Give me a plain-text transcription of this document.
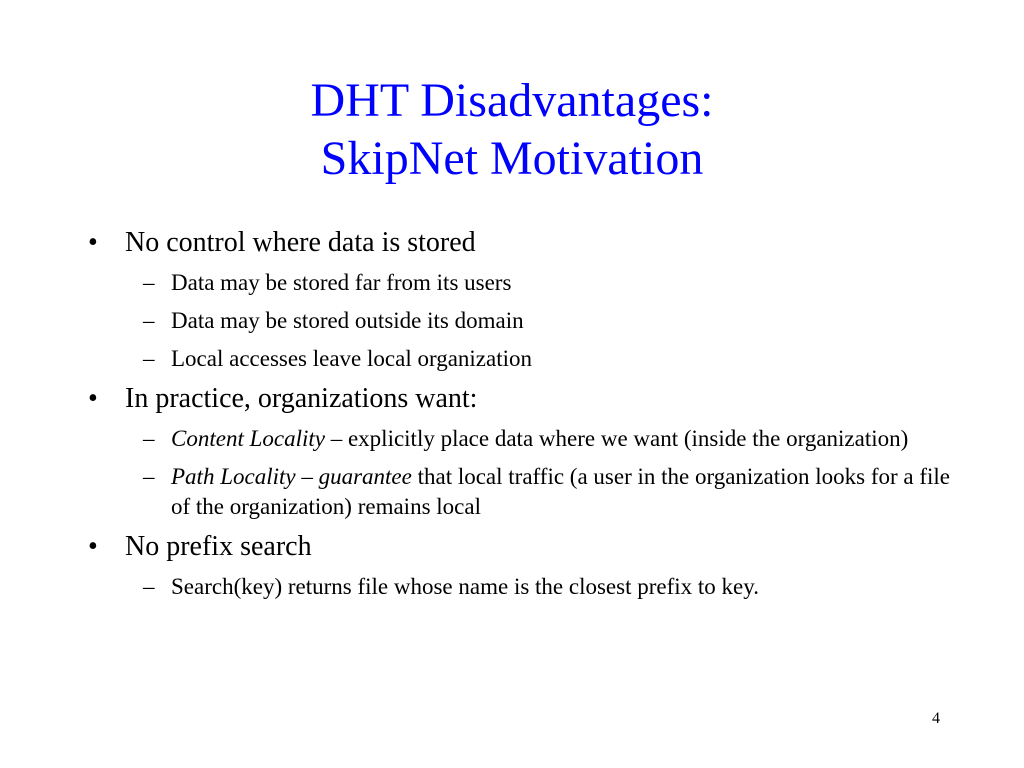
DHT Disadvantages:
SkipNet Motivation
• No control where data is stored
– Data may be stored far from its users
– Data may be stored outside its domain
– Local accesses leave local organization
• In practice, organizations want:
– Content Locality – explicitly place data where we want (inside the organization)
– Path Locality – guarantee that local traffic (a user in the organization looks for a file of the organization) remains local
• No prefix search
– Search(key) returns file whose name is the closest prefix to key.
4
